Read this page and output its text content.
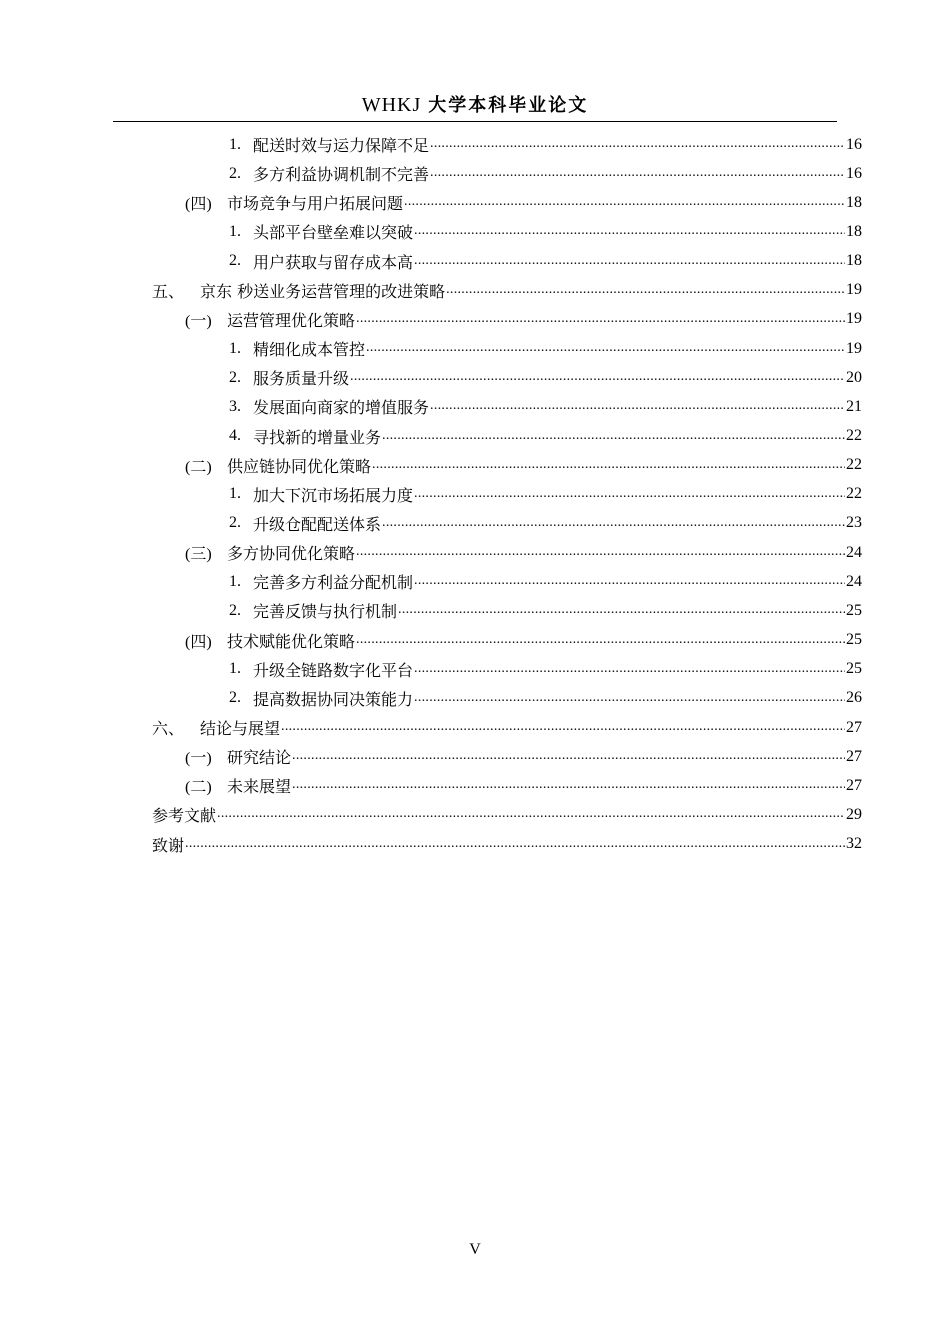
WHKJ 大学本科毕业论文
1. 配送时效与运力保障不足 .....	16
2. 多方利益协调机制不完善 .....	16
(四) 市场竞争与用户拓展问题 .....	18
1. 头部平台壁垒难以突破 .....	18
2. 用户获取与留存成本高 .....	18
五、 京东 秒送业务运营管理的改进策略 .....	19
(一) 运营管理优化策略 .....	19
1. 精细化成本管控 .....	19
2. 服务质量升级 .....	20
3. 发展面向商家的增值服务 .....	21
4. 寻找新的增量业务 .....	22
(二) 供应链协同优化策略 .....	22
1. 加大下沉市场拓展力度 .....	22
2. 升级仓配配送体系 .....	23
(三) 多方协同优化策略 .....	24
1. 完善多方利益分配机制 .....	24
2. 完善反馈与执行机制 .....	25
(四) 技术赋能优化策略 .....	25
1. 升级全链路数字化平台 .....	25
2. 提高数据协同决策能力 .....	26
六、 结论与展望 .....	27
(一) 研究结论 .....	27
(二) 未来展望 .....	27
参考文献 .....	29
致谢 .....	32
V
